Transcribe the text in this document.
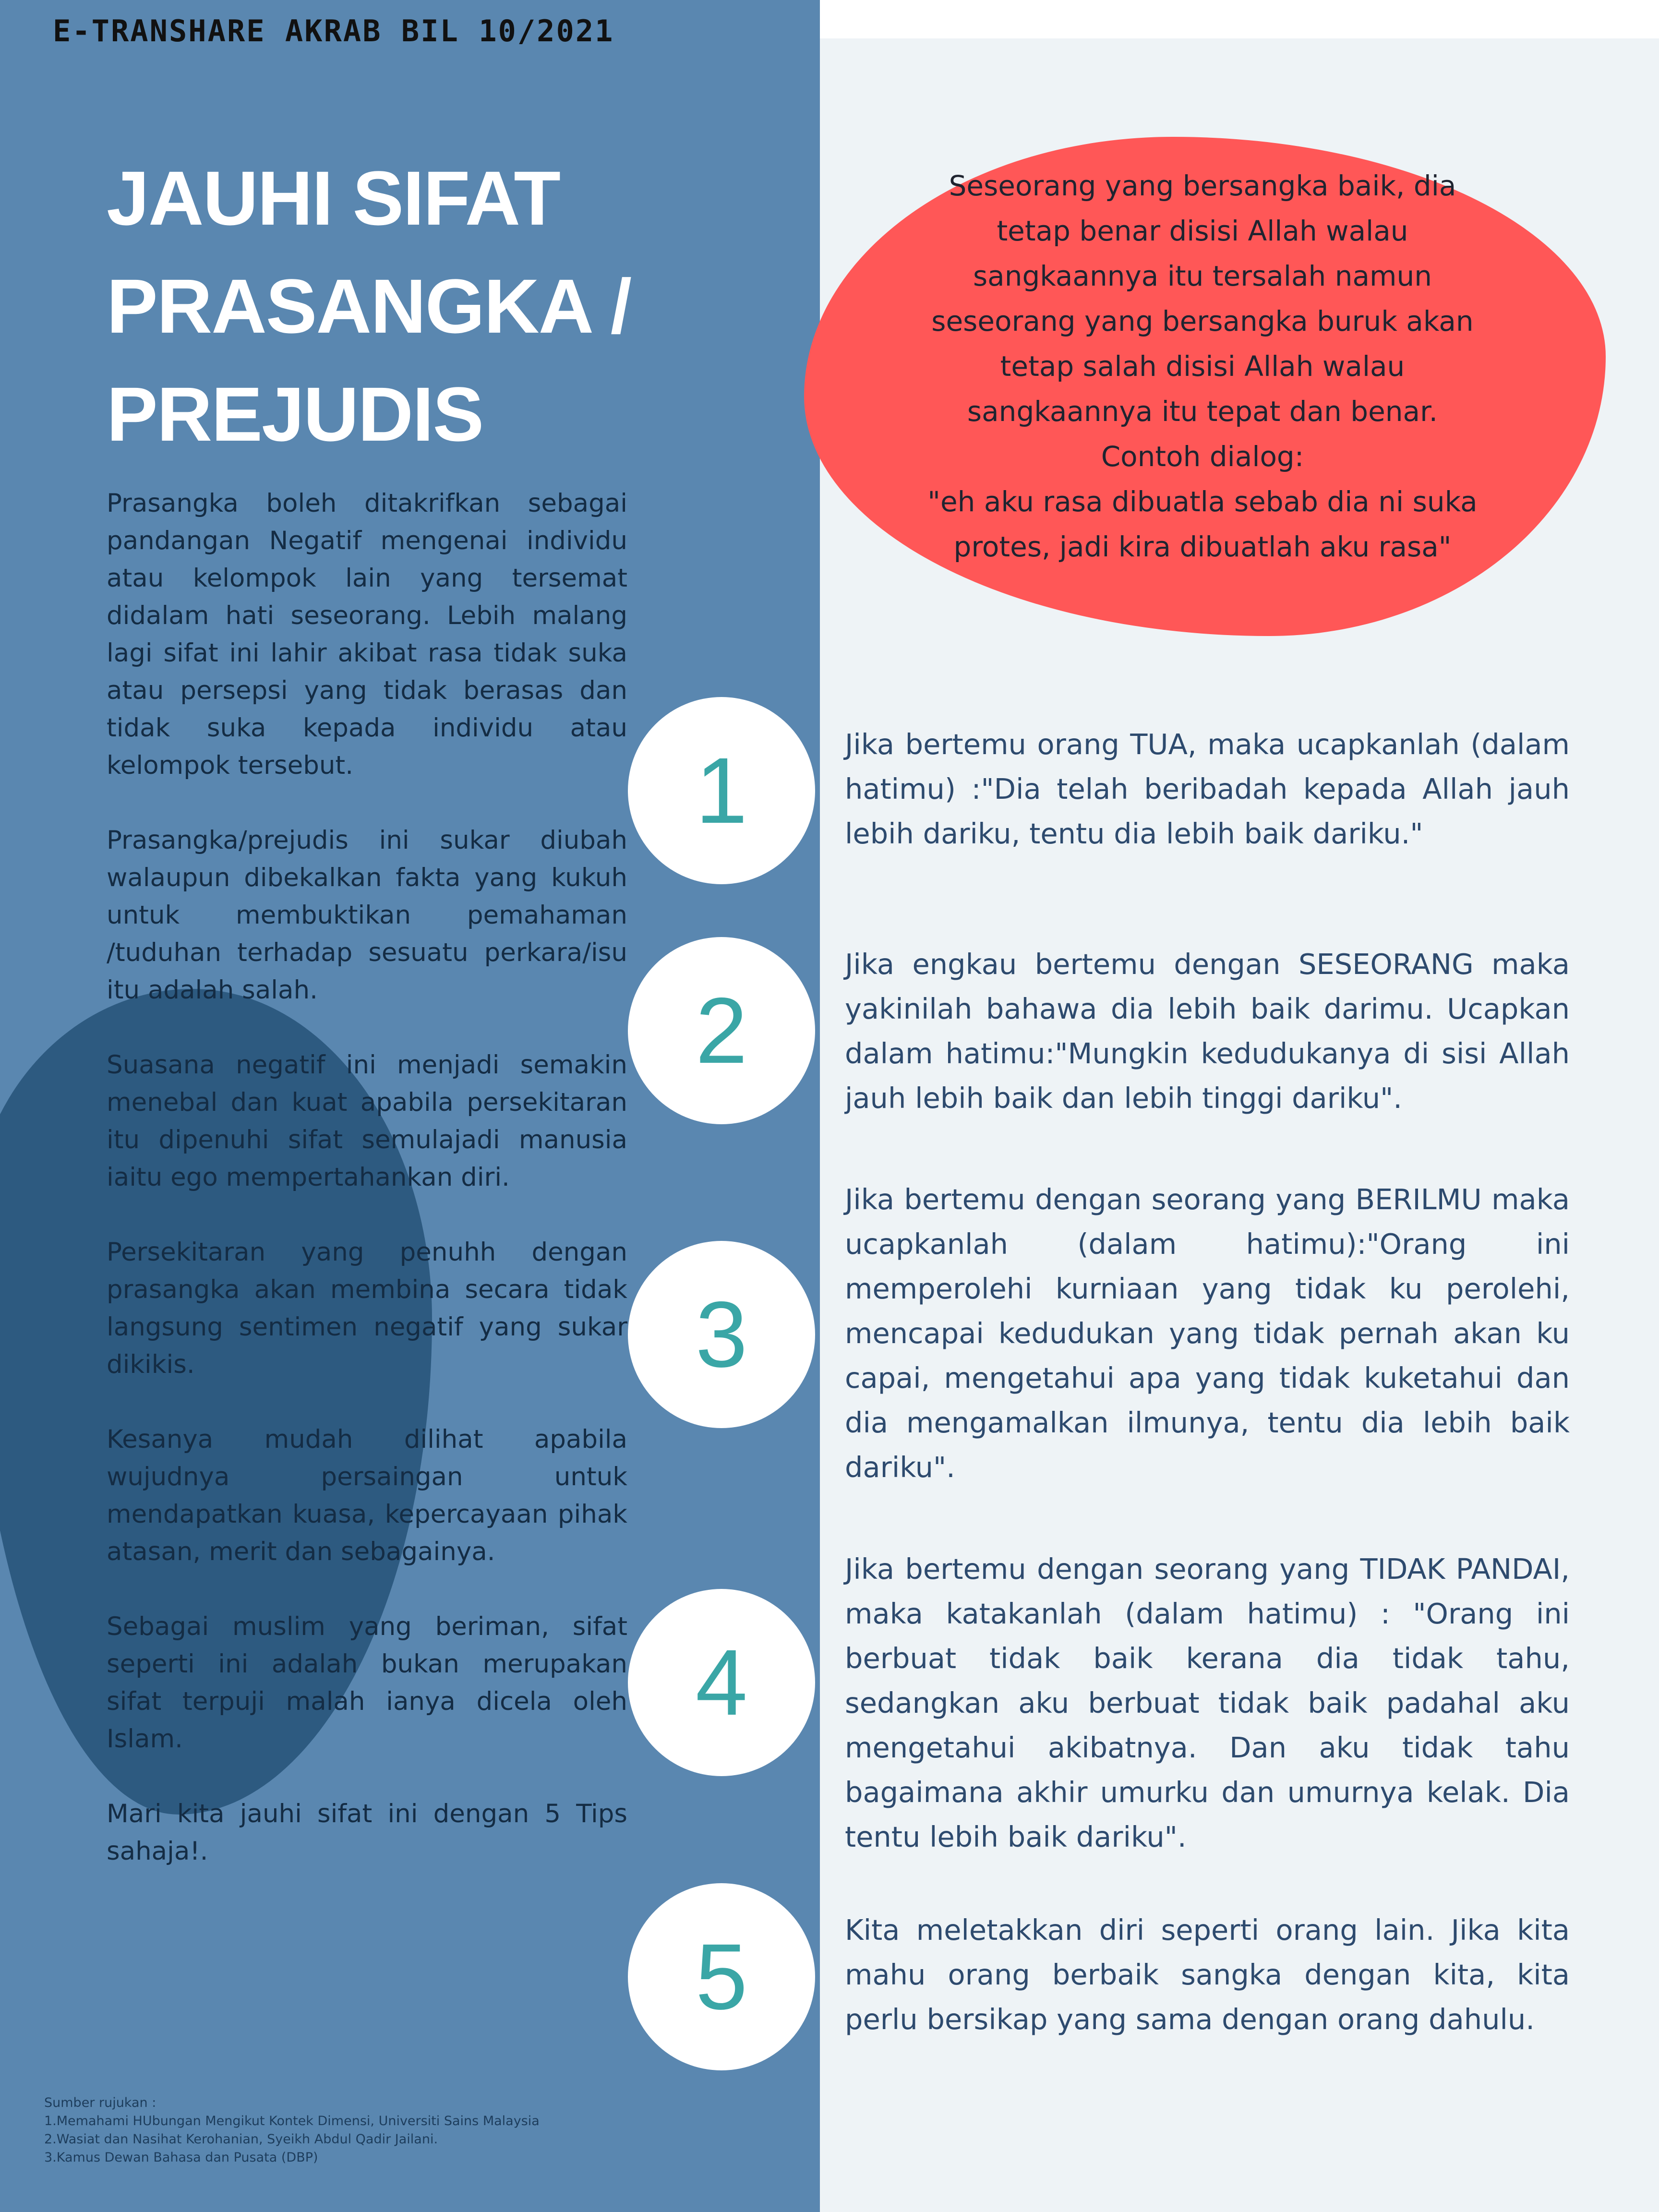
E-TRANSHARE AKRAB BIL 10/2021
JAUHI SIFAT
PRASANGKA /
PREJUDIS

Prasangka boleh ditakrifkan sebagai pandangan Negatif mengenai individu atau kelompok lain yang tersemat didalam hati seseorang. Lebih malang lagi sifat ini lahir akibat rasa tidak suka atau persepsi yang tidak berasas dan tidak suka kepada individu atau kelompok tersebut.

Prasangka/prejudis ini sukar diubah walaupun dibekalkan fakta yang kukuh untuk membuktikan pemahaman /tuduhan terhadap sesuatu perkara/isu itu adalah salah.

Suasana negatif ini menjadi semakin menebal dan kuat apabila persekitaran itu dipenuhi sifat semulajadi manusia iaitu ego mempertahankan diri.

Persekitaran yang penuhh dengan prasangka akan membina secara tidak langsung sentimen negatif yang sukar dikikis.

Kesanya mudah dilihat apabila wujudnya persaingan untuk mendapatkan kuasa, kepercayaan pihak atasan, merit dan sebagainya.

Sebagai muslim yang beriman, sifat seperti ini adalah bukan merupakan sifat terpuji malah ianya dicela oleh Islam.

Mari kita jauhi sifat ini dengan 5 Tips sahaja!.

Seseorang yang bersangka baik, dia
tetap benar disisi Allah walau
sangkaannya itu tersalah namun
seseorang yang bersangka buruk akan
tetap salah disisi Allah walau
sangkaannya itu tepat dan benar.
Contoh dialog:
"eh aku rasa dibuatla sebab dia ni suka
protes, jadi kira dibuatlah aku rasa"
1
2
3
4
5

Jika bertemu orang TUA, maka ucapkanlah (dalam hatimu) :"Dia telah beribadah kepada Allah jauh lebih dariku, tentu dia lebih baik dariku."

Jika engkau bertemu dengan SESEORANG maka yakinilah bahawa dia lebih baik darimu. Ucapkan dalam hatimu:"Mungkin kedudukanya di sisi Allah jauh lebih baik dan lebih tinggi dariku".

Jika bertemu dengan seorang yang BERILMU maka ucapkanlah (dalam hatimu):"Orang ini memperolehi kurniaan yang tidak ku perolehi, mencapai kedudukan yang tidak pernah akan ku capai, mengetahui apa yang tidak kuketahui dan dia mengamalkan ilmunya, tentu dia lebih baik dariku".

Jika bertemu dengan seorang yang TIDAK PANDAI, maka katakanlah (dalam hatimu) : "Orang ini berbuat tidak baik kerana dia tidak tahu, sedangkan aku berbuat tidak baik padahal aku mengetahui akibatnya. Dan aku tidak tahu bagaimana akhir umurku dan umurnya kelak. Dia tentu lebih baik dariku".

Kita meletakkan diri seperti orang lain. Jika kita mahu orang berbaik sangka dengan kita, kita perlu bersikap yang sama dengan orang dahulu.

Sumber rujukan :
1.Memahami HUbungan Mengikut Kontek Dimensi, Universiti Sains Malaysia
2.Wasiat dan Nasihat Kerohanian, Syeikh Abdul Qadir Jailani.
3.Kamus Dewan Bahasa dan Pusata (DBP)
